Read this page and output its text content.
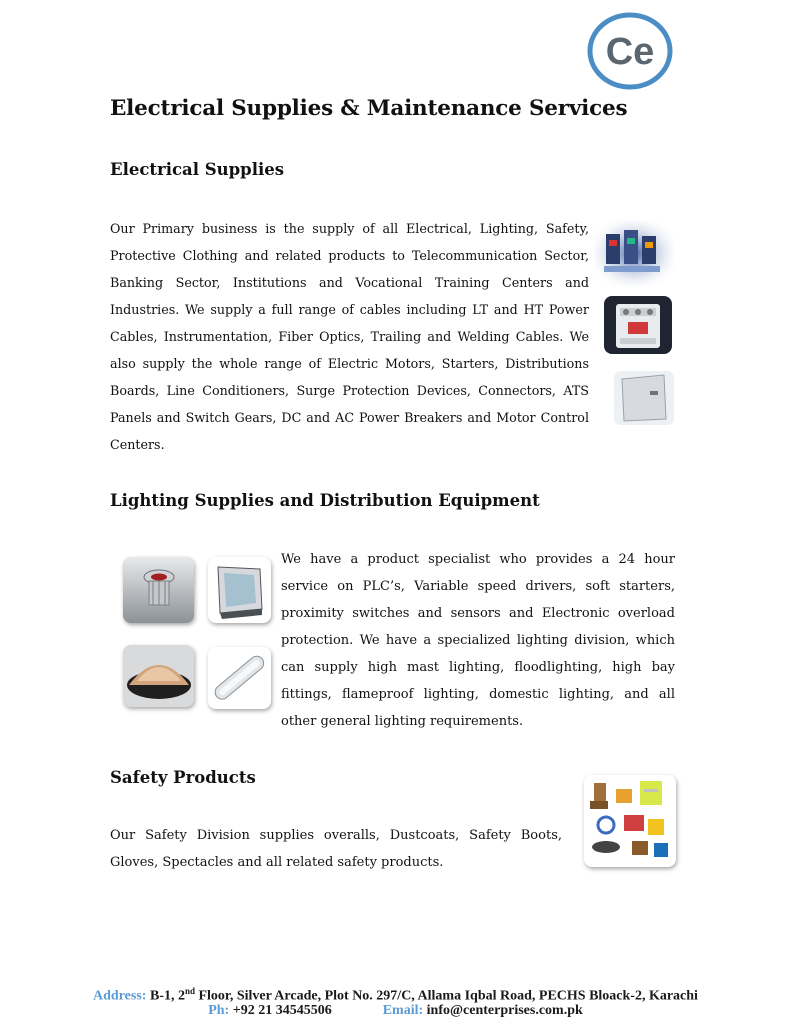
Ce
Electrical Supplies & Maintenance Services
Electrical Supplies
Our Primary business is the supply of all Electrical, Lighting, Safety, Protective Clothing and related products to Telecommunication Sector, Banking Sector, Institutions and Vocational Training Centers and Industries. We supply a full range of cables including LT and HT Power Cables, Instrumentation, Fiber Optics, Trailing and Welding Cables. We also supply the whole range of Electric Motors, Starters, Distributions Boards, Line Conditioners, Surge Protection Devices, Connectors, ATS Panels and Switch Gears, DC and AC Power Breakers and Motor Control Centers.
Lighting Supplies and Distribution Equipment
We have a product specialist who provides a 24 hour service on PLC’s, Variable speed drivers, soft starters, proximity switches and sensors and Electronic overload protection. We have a specialized lighting division, which can supply high mast lighting, floodlighting, high bay fittings, flameproof lighting, domestic lighting, and all other general lighting requirements.
Safety Products
Our Safety Division supplies overalls, Dustcoats, Safety Boots, Gloves, Spectacles and all related safety products.
Address: B-1, 2nd Floor, Silver Arcade, Plot No. 297/C, Allama Iqbal Road, PECHS Bloack-2, Karachi
Ph: +92 21 34545506	Email: info@centerprises.com.pk
